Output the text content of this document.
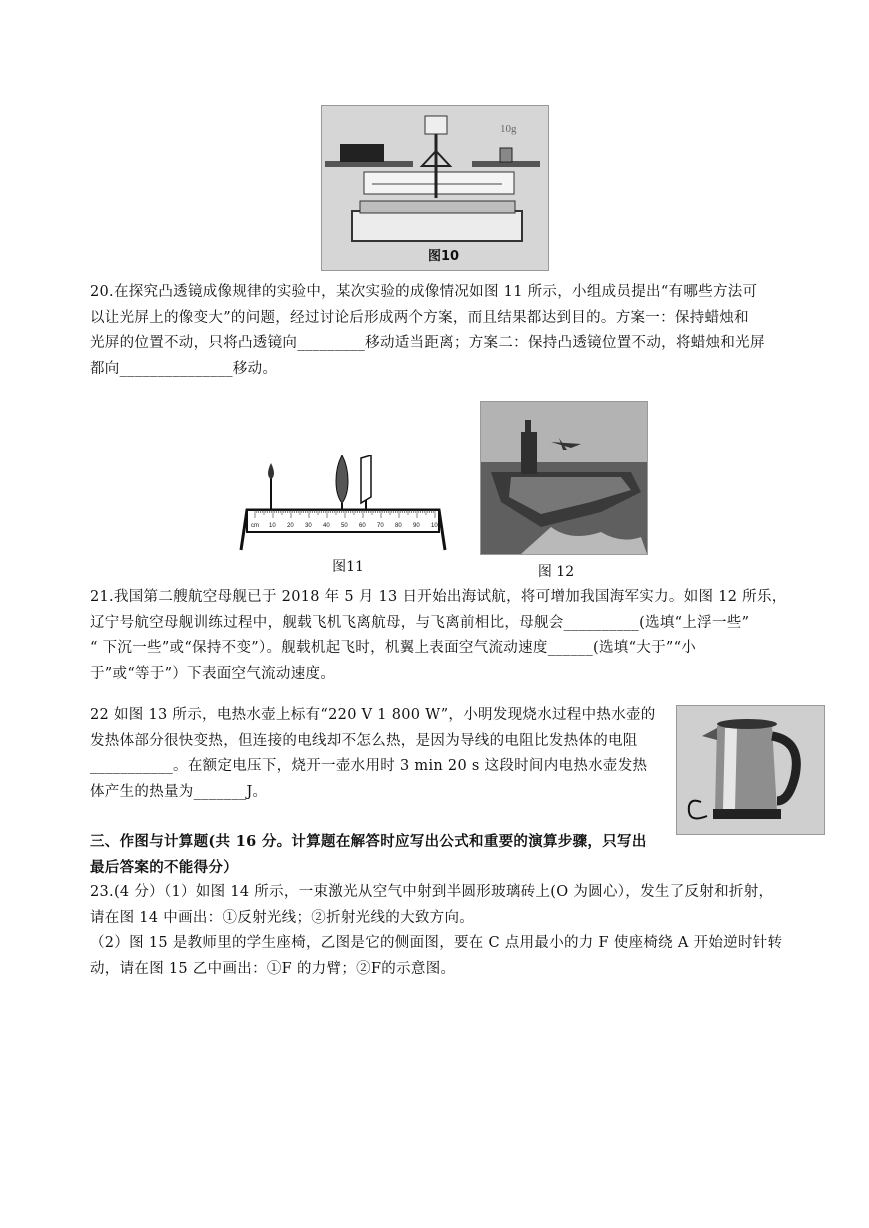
10g
图10
20.在探究凸透镜成像规律的实验中，某次实验的成像情况如图 11 所示，小组成员提出“有哪些方法可
以让光屏上的像变大”的问题，经过讨论后形成两个方案，而且结果都达到目的。方案一：保持蜡烛和
光屏的位置不动，只将凸透镜向_________移动适当距离；方案二：保持凸透镜位置不动，将蜡烛和光屏
都向_______________移动。
cm 10 20 30 40 50 60 70 80 90 100
图11	图 12
21.我国第二艘航空母舰已于 2018 年 5 月 13 日开始出海试航，将可增加我国海军实力。如图 12 所乐，
辽宁号航空母舰训练过程中，舰载飞机飞离航母，与飞离前相比，母舰会__________(选填“上浮一些”
“ 下沉一些”或“保持不变”）。舰载机起飞时，机翼上表面空气流动速度______(选填“大于”“小
于”或“等于”）下表面空气流动速度。
22 如图 13 所示，电热水壶上标有“220 V 1 800 W”，小明发现烧水过程中热水壶的
发热体部分很快变热，但连接的电线却不怎么热，是因为导线的电阻比发热体的电阻
___________。在额定电压下，烧开一壶水用时 3 min 20 s 这段时间内电热水壶发热
体产生的热量为_______J。
三、作图与计算题(共 16 分。计算题在解答时应写出公式和重要的演算步骤，只写出
最后答案的不能得分）
23.(4 分）（1）如图 14 所示，一束激光从空气中射到半圆形玻璃砖上(O 为圆心），发生了反射和折射，
请在图 14 中画出：①反射光线；②折射光线的大致方向。
（2）图 15 是教师里的学生座椅，乙图是它的侧面图，要在 C 点用最小的力 F 使座椅绕 A 开始逆时针转
动，请在图 15 乙中画出：①F 的力臂；②F的示意图。
